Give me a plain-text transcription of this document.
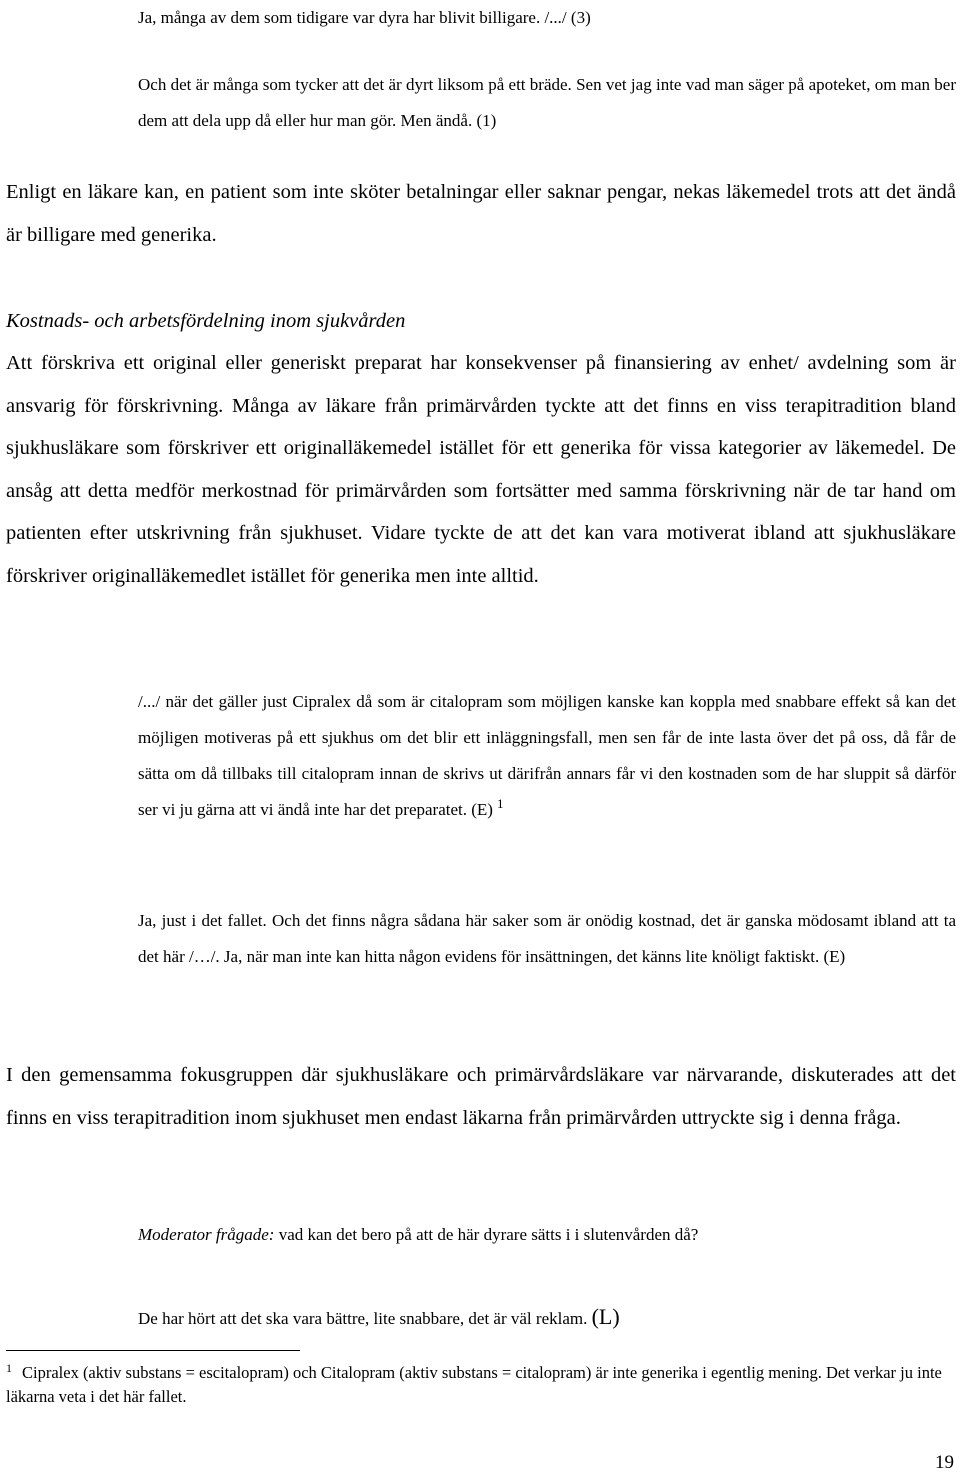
Ja, många av dem som tidigare var dyra har blivit billigare. /.../ (3)

Och det är många som tycker att det är dyrt liksom på ett bräde. Sen vet jag inte vad man säger på apoteket, om man ber dem att dela upp då eller hur man gör. Men ändå. (1)

Enligt en läkare kan, en patient som inte sköter betalningar eller saknar pengar, nekas läkemedel trots att det ändå är billigare med generika.

Kostnads- och arbetsfördelning inom sjukvården

Att förskriva ett original eller generiskt preparat har konsekvenser på finansiering av enhet/ avdelning som är ansvarig för förskrivning. Många av läkare från primärvården tyckte att det finns en viss terapitradition bland sjukhusläkare som förskriver ett originalläkemedel istället för ett generika för vissa kategorier av läkemedel. De ansåg att detta medför merkostnad för primärvården som fortsätter med samma förskrivning när de tar hand om patienten efter utskrivning från sjukhuset. Vidare tyckte de att det kan vara motiverat ibland att sjukhusläkare förskriver originalläkemedlet istället för generika men inte alltid.

/.../ när det gäller just Cipralex då som är citalopram som möjligen kanske kan koppla med snabbare effekt så kan det möjligen motiveras på ett sjukhus om det blir ett inläggningsfall, men sen får de inte lasta över det på oss, då får de sätta om då tillbaks till citalopram innan de skrivs ut därifrån annars får vi den kostnaden som de har sluppit så därför ser vi ju gärna att vi ändå inte har det preparatet. (E) $^1$

Ja, just i det fallet. Och det finns några sådana här saker som är onödig kostnad, det är ganska mödosamt ibland att ta det här /…/. Ja, när man inte kan hitta någon evidens för insättningen, det känns lite knöligt faktiskt. (E)

I den gemensamma fokusgruppen där sjukhusläkare och primärvårdsläkare var närvarande, diskuterades att det finns en viss terapitradition inom sjukhuset men endast läkarna från primärvården uttryckte sig i denna fråga.

Moderator frågade: vad kan det bero på att de här dyrare sätts i i slutenvården då?

De har hört att det ska vara bättre, lite snabbare, det är väl reklam. (L)

$^1$ Cipralex (aktiv substans = escitalopram) och Citalopram (aktiv substans = citalopram) är inte generika i egentlig mening. Det verkar ju inte läkarna veta i det här fallet.

19
